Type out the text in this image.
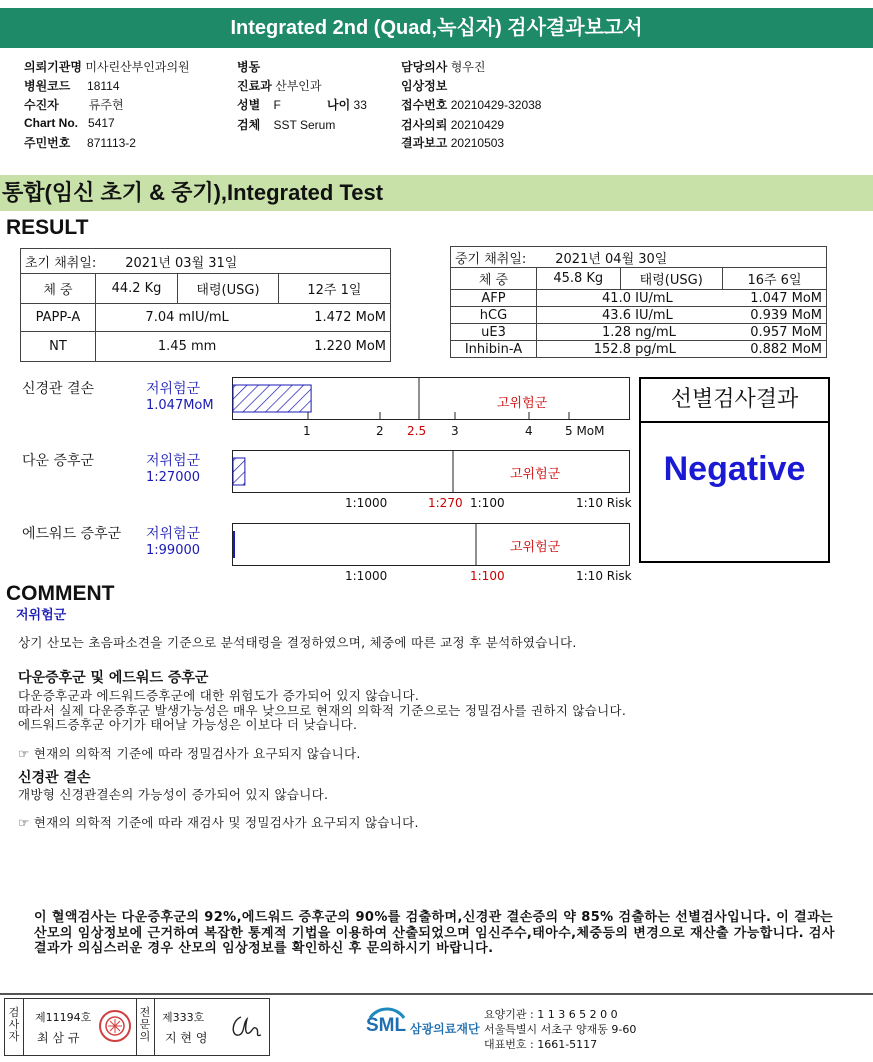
Integrated 2nd (Quad,녹십자) 검사결과보고서
의뢰기관명 미사린산부인과의원
병원코드 18114
수진자	류주현
Chart No. 5417
주민번호 871113-2
병동
진료과 산부인과
성별 F	나이 33
검체 SST Serum
담당의사 형우진
임상정보
접수번호 20210429-32038
검사의뢰 20210429
결과보고 20210503
통합(임신 초기 & 중기),Integrated Test
RESULT
초기 채취일: 2021년 03월 31일			
체 중	44.2 Kg	태령(USG)	12주 1일
PAPP-A	7.04 mIU/mL		1.472 MoM
NT	1.45 mm		1.220 MoM
중기 채취일: 2021년 04월 30일			
체 중	45.8 Kg	태령(USG)	16주 6일
AFP	41.0 IU/mL		1.047 MoM
hCG	43.6 IU/mL		0.939 MoM
uE3	1.28 ng/mL		0.957 MoM
Inhibin-A	152.8 pg/mL		0.882 MoM
신경관 결손	저위험군
1.047MoM	고위험군
1	2 2.5 3	4	5 MoM
다운 증후군	저위험군
1:27000	고위험군
1:1000	1:270 1:100	1:10 Risk
에드워드 증후군 저위험군
1:99000	고위험군
1:1000	1:100	1:10 Risk
선별검사결과
Negative
COMMENT
저위험군
상기 산모는 초음파소견을 기준으로 분석태령을 결정하였으며, 체중에 따른 교정 후 분석하였습니다.
다운증후군 및 에드워드 증후군
다운증후군과 에드워드증후군에 대한 위험도가 증가되어 있지 않습니다.
따라서 실제 다운증후군 발생가능성은 매우 낮으므로 현재의 의학적 기준으로는 정밀검사를 권하지 않습니다.
에드워드증후군 아기가 태어날 가능성은 이보다 더 낮습니다.
☞ 현재의 의학적 기준에 따라 정밀검사가 요구되지 않습니다.
신경관 결손
개방형 신경관결손의 가능성이 증가되어 있지 않습니다.
☞ 현재의 의학적 기준에 따라 재검사 및 정밀검사가 요구되지 않습니다.
이 혈액검사는 다운증후군의 92%,에드워드 증후군의 90%를 검출하며,신경관 결손증의 약 85% 검출하는 선별검사입니다. 이 결과는 산모의 임상정보에 근거하여 복잡한 통계적 기법을 이용하여 산출되었으며 임신주수,태아수,체중등의 변경으로 재산출 가능합니다. 검사결과가 의심스러운 경우 산모의 임상정보를 확인하신 후 문의하시기 바랍니다.
검사자
제11194호
최 삼 규
전문의
제333호
지 현 영
SML 삼광의료재단
요양기관 : 1 1 3 6 5 2 0 0
서울특별시 서초구 양재동 9-60
대표번호 : 1661-5117
